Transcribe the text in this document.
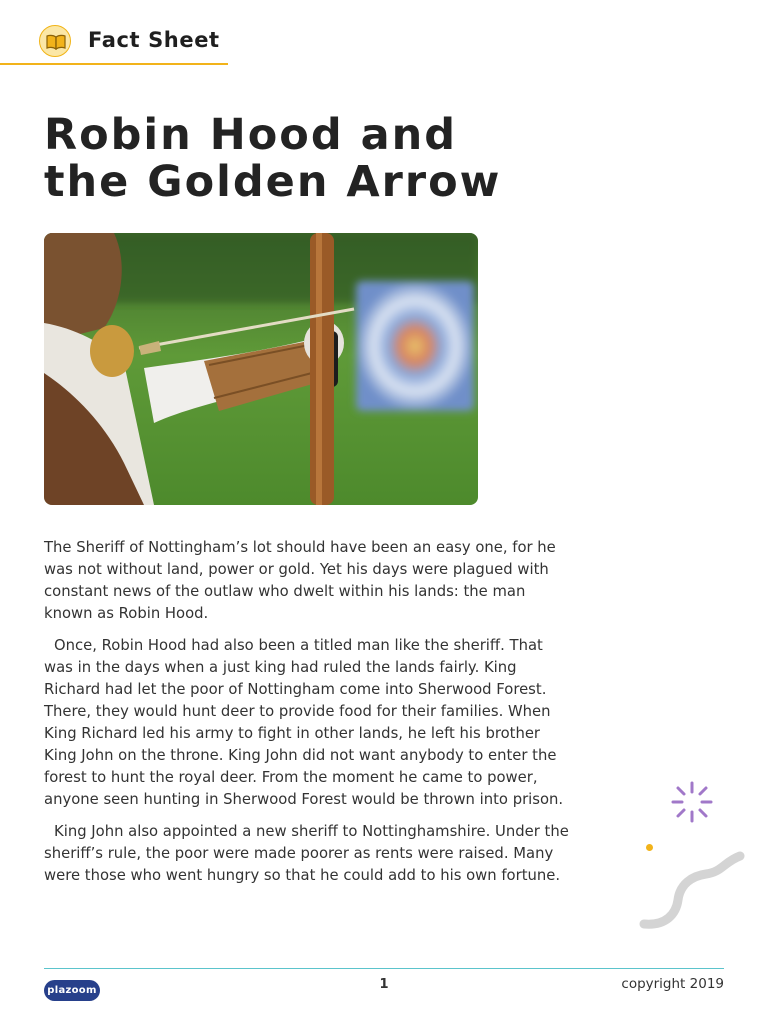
Fact Sheet
Robin Hood and
the Golden Arrow

The Sheriff of Nottingham’s lot should have been an easy one, for he was not without land, power or gold. Yet his days were plagued with constant news of the outlaw who dwelt within his lands: the man known as Robin Hood.

Once, Robin Hood had also been a titled man like the sheriff. That was in the days when a just king had ruled the lands fairly. King Richard had let the poor of Nottingham come into Sherwood Forest. There, they would hunt deer to provide food for their families. When King Richard led his army to fight in other lands, he left his brother King John on the throne. King John did not want anybody to enter the forest to hunt the royal deer. From the moment he came to power, anyone seen hunting in Sherwood Forest would be thrown into prison.

King John also appointed a new sheriff to Nottinghamshire. Under the sheriff’s rule, the poor were made poorer as rents were raised. Many were those who went hungry so that he could add to his own fortune.

plazoom	1	copyright 2019
